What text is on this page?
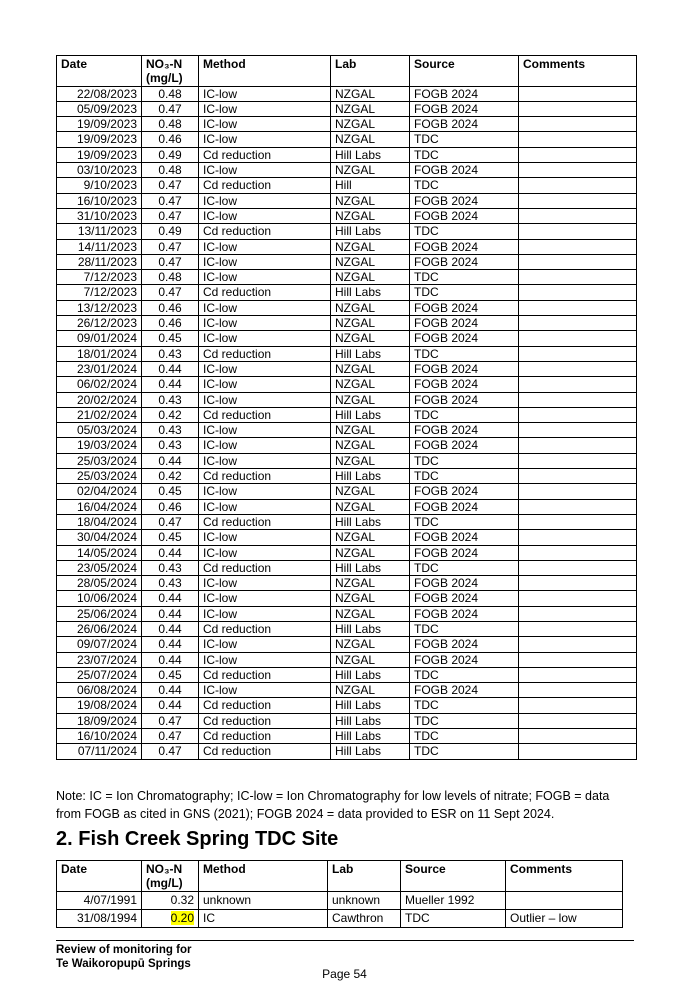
Date	NO₃-N (mg/L)	Method	Lab	Source	Comments
22/08/2023	0.48	IC-low	NZGAL	FOGB 2024	
05/09/2023	0.47	IC-low	NZGAL	FOGB 2024	
19/09/2023	0.48	IC-low	NZGAL	FOGB 2024	
19/09/2023	0.46	IC-low	NZGAL	TDC	
19/09/2023	0.49	Cd reduction	Hill Labs	TDC	
03/10/2023	0.48	IC-low	NZGAL	FOGB 2024	
9/10/2023	0.47	Cd reduction	Hill	TDC	
16/10/2023	0.47	IC-low	NZGAL	FOGB 2024	
31/10/2023	0.47	IC-low	NZGAL	FOGB 2024	
13/11/2023	0.49	Cd reduction	Hill Labs	TDC	
14/11/2023	0.47	IC-low	NZGAL	FOGB 2024	
28/11/2023	0.47	IC-low	NZGAL	FOGB 2024	
7/12/2023	0.48	IC-low	NZGAL	TDC	
7/12/2023	0.47	Cd reduction	Hill Labs	TDC	
13/12/2023	0.46	IC-low	NZGAL	FOGB 2024	
26/12/2023	0.46	IC-low	NZGAL	FOGB 2024	
09/01/2024	0.45	IC-low	NZGAL	FOGB 2024	
18/01/2024	0.43	Cd reduction	Hill Labs	TDC	
23/01/2024	0.44	IC-low	NZGAL	FOGB 2024	
06/02/2024	0.44	IC-low	NZGAL	FOGB 2024	
20/02/2024	0.43	IC-low	NZGAL	FOGB 2024	
21/02/2024	0.42	Cd reduction	Hill Labs	TDC	
05/03/2024	0.43	IC-low	NZGAL	FOGB 2024	
19/03/2024	0.43	IC-low	NZGAL	FOGB 2024	
25/03/2024	0.44	IC-low	NZGAL	TDC	
25/03/2024	0.42	Cd reduction	Hill Labs	TDC	
02/04/2024	0.45	IC-low	NZGAL	FOGB 2024	
16/04/2024	0.46	IC-low	NZGAL	FOGB 2024	
18/04/2024	0.47	Cd reduction	Hill Labs	TDC	
30/04/2024	0.45	IC-low	NZGAL	FOGB 2024	
14/05/2024	0.44	IC-low	NZGAL	FOGB 2024	
23/05/2024	0.43	Cd reduction	Hill Labs	TDC	
28/05/2024	0.43	IC-low	NZGAL	FOGB 2024	
10/06/2024	0.44	IC-low	NZGAL	FOGB 2024	
25/06/2024	0.44	IC-low	NZGAL	FOGB 2024	
26/06/2024	0.44	Cd reduction	Hill Labs	TDC	
09/07/2024	0.44	IC-low	NZGAL	FOGB 2024	
23/07/2024	0.44	IC-low	NZGAL	FOGB 2024	
25/07/2024	0.45	Cd reduction	Hill Labs	TDC	
06/08/2024	0.44	IC-low	NZGAL	FOGB 2024	
19/08/2024	0.44	Cd reduction	Hill Labs	TDC	
18/09/2024	0.47	Cd reduction	Hill Labs	TDC	
16/10/2024	0.47	Cd reduction	Hill Labs	TDC	
07/11/2024	0.47	Cd reduction	Hill Labs	TDC	
Note: IC = Ion Chromatography; IC-low = Ion Chromatography for low levels of nitrate; FOGB = data from FOGB as cited in GNS (2021); FOGB 2024 = data provided to ESR on 11 Sept 2024.
2. Fish Creek Spring TDC Site
Date	NO₃-N (mg/L)	Method	Lab	Source	Comments
4/07/1991	0.32	unknown	unknown	Mueller 1992	
31/08/1994	0.20	IC	Cawthron	TDC	Outlier – low
Review of monitoring for
Te Waikoropupū Springs
Page 54
